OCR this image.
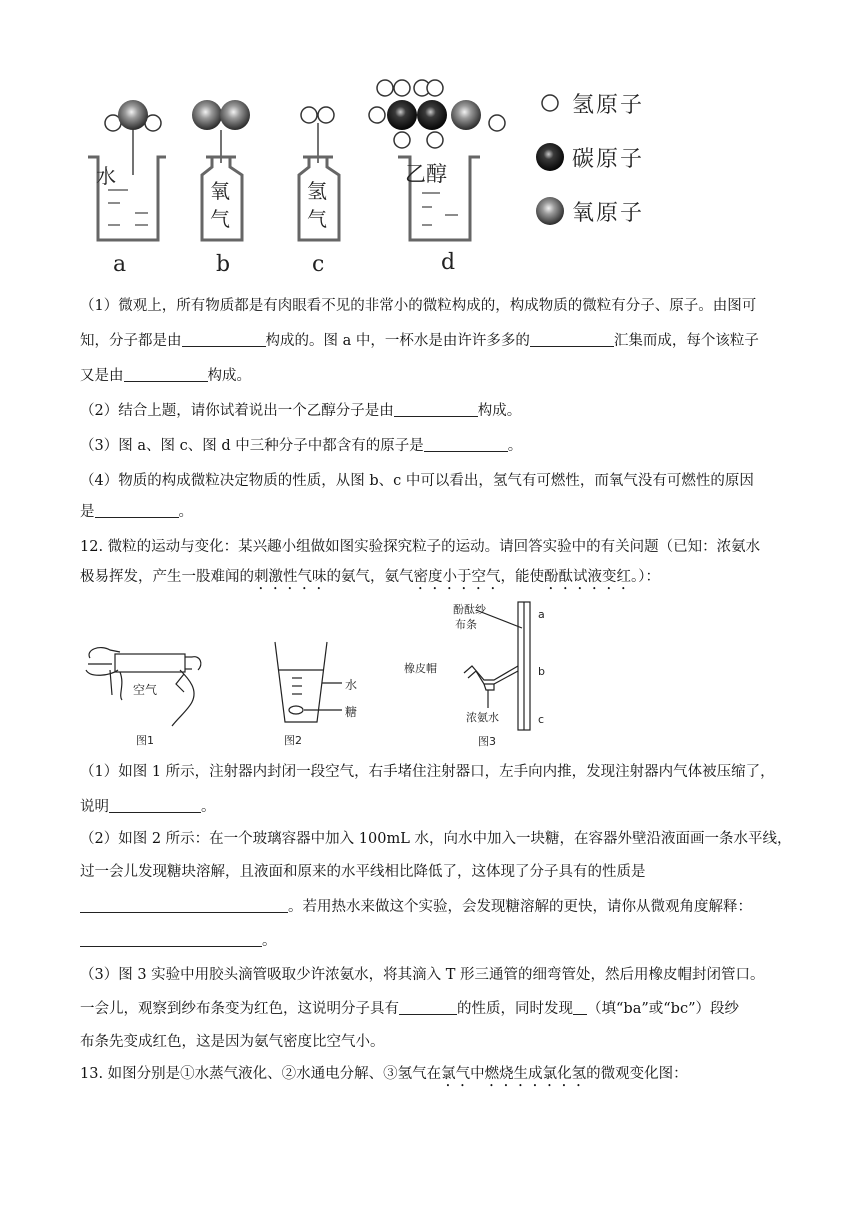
水
氧
气
氢
气
乙醇
a	b	c	d
氢原子
碳原子
氧原子
（1）微观上，所有物质都是有肉眼看不见的非常小的微粒构成的，构成物质的微粒有分子、原子。由图可
知，分子都是由	构成的。图 a 中，一杯水是由许许多多的	汇集而成，每个该粒子
又是由	构成。
（2）结合上题，请你试着说出一个乙醇分子是由	构成。
（3）图 a、图 c、图 d 中三种分子中都含有的原子是	。
（4）物质的构成微粒决定物质的性质，从图 b、c 中可以看出，氢气有可燃性，而氧气没有可燃性的原因
是	。
12. 微粒的运动与变化：某兴趣小组做如图实验探究粒子的运动。请回答实验中的有关问题（已知：浓氨水
极易挥发，产生一股难闻的刺激性气味的氨气，氨气密度小于空气，能使酚酞试液变红。）：
空气
图1
水
糖
图2
酚酞纱
布条
橡皮帽
浓氨水
图3
a
b
c
（1）如图 1 所示，注射器内封闭一段空气，右手堵住注射器口，左手向内推，发现注射器内气体被压缩了，
说明	。
（2）如图 2 所示：在一个玻璃容器中加入 100mL 水，向水中加入一块糖，在容器外壁沿液面画一条水平线，
过一会儿发现糖块溶解，且液面和原来的水平线相比降低了，这体现了分子具有的性质是
。若用热水来做这个实验，会发现糖溶解的更快，请你从微观角度解释：
。
（3）图 3 实验中用胶头滴管吸取少许浓氨水，将其滴入 T 形三通管的细弯管处，然后用橡皮帽封闭管口。
一会儿，观察到纱布条变为红色，这说明分子具有	的性质，同时发现 （填“ba”或“bc”）段纱
布条先变成红色，这是因为氨气密度比空气小。
13. 如图分别是①水蒸气液化、②水通电分解、③氢气在氯气中燃烧生成氯化氢的微观变化图：
